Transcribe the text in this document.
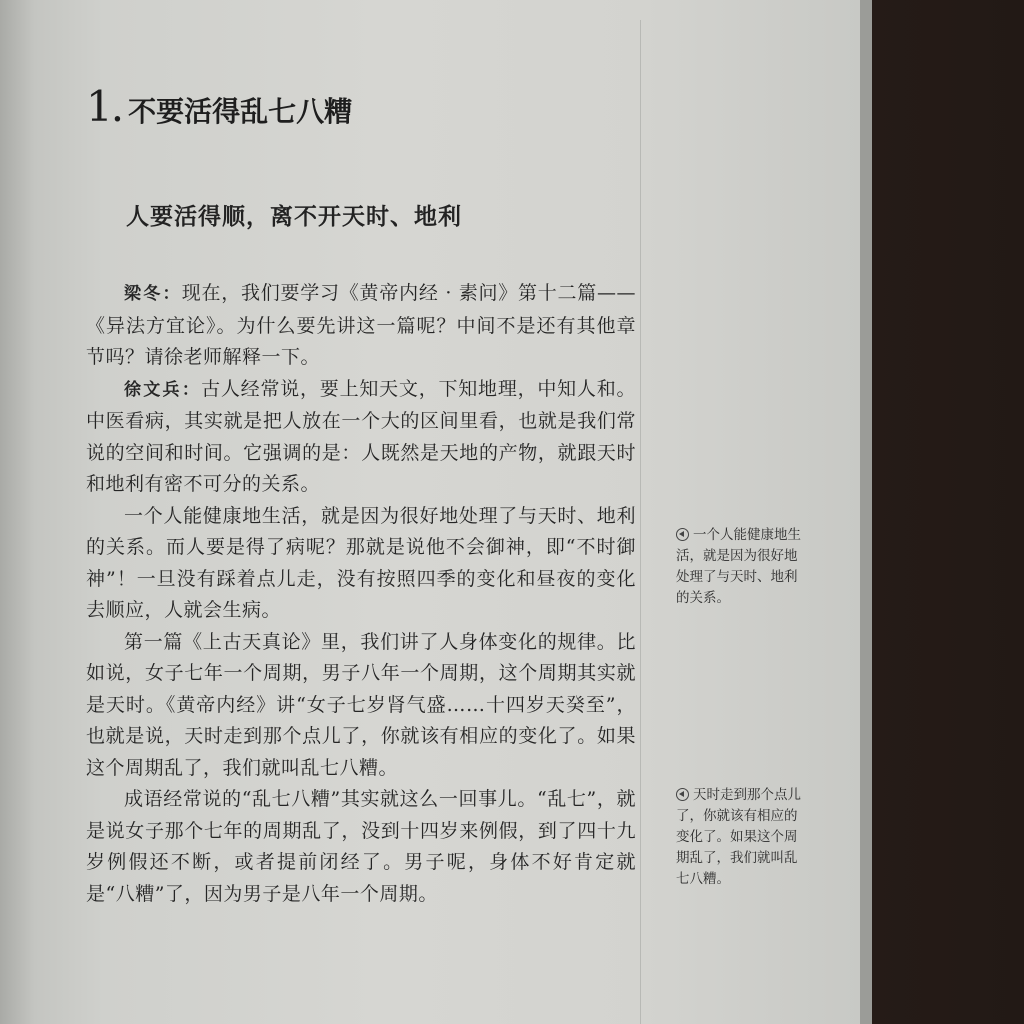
1. 不要活得乱七八糟
人要活得顺，离不开天时、地利

梁冬：现在，我们要学习《黄帝内经 · 素问》第十二篇——《异法方宜论》。为什么要先讲这一篇呢？中间不是还有其他章节吗？请徐老师解释一下。

徐文兵：古人经常说，要上知天文，下知地理，中知人和。中医看病，其实就是把人放在一个大的区间里看，也就是我们常说的空间和时间。它强调的是：人既然是天地的产物，就跟天时和地利有密不可分的关系。

一个人能健康地生活，就是因为很好地处理了与天时、地利的关系。而人要是得了病呢？那就是说他不会御神，即“不时御神”！一旦没有踩着点儿走，没有按照四季的变化和昼夜的变化去顺应，人就会生病。

第一篇《上古天真论》里，我们讲了人身体变化的规律。比如说，女子七年一个周期，男子八年一个周期，这个周期其实就是天时。《黄帝内经》讲“女子七岁肾气盛……十四岁天癸至”，也就是说，天时走到那个点儿了，你就该有相应的变化了。如果这个周期乱了，我们就叫乱七八糟。

成语经常说的“乱七八糟”其实就这么一回事儿。“乱七”，就是说女子那个七年的周期乱了，没到十四岁来例假，到了四十九岁例假还不断，或者提前闭经了。男子呢，身体不好肯定就是“八糟”了，因为男子是八年一个周期。

一个人能健康地生活，就是因为很好地处理了与天时、地利的关系。
天时走到那个点儿了，你就该有相应的变化了。如果这个周期乱了，我们就叫乱七八糟。
